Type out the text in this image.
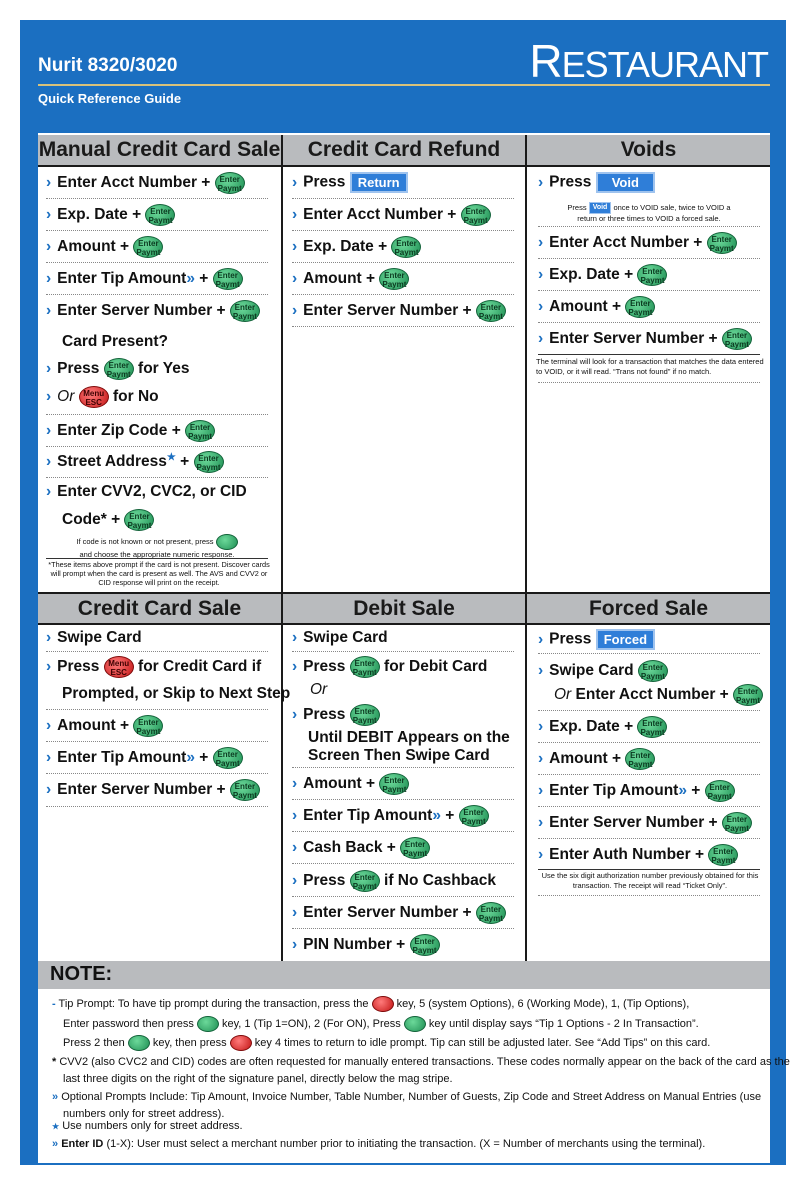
Nurit 8320/3020
Quick Reference Guide
RESTAURANT
Manual Credit Card Sale	Credit Card Refund	Voids
› Enter Acct Number + Enter
Paymt
› Exp. Date + Enter
Paymt
› Amount + Enter
Paymt
› Enter Tip Amount» + Enter
Paymt
› Enter Server Number + Enter
Paymt
Card Present?
› Press Enter
Paymt for Yes
› Or Menu
ESC for No
› Enter Zip Code + Enter
Paymt
› Street Address★ + Enter
Paymt
› Enter CVV2, CVC2, or CID
Code* + Enter
Paymt
If code is not known or not present, press
and choose the appropriate numeric response.
*These items above prompt if the card is not present. Discover cards will prompt when the card is present as well. The AVS and CVV2 or CID response will print on the receipt.
› Press Return
› Enter Acct Number + Enter
Paymt
› Exp. Date + Enter
Paymt
› Amount + Enter
Paymt
› Enter Server Number + Enter
Paymt
› Press Void
Press Void once to VOID sale, twice to VOID a
return or three times to VOID a forced sale.
› Enter Acct Number + Enter
Paymt
› Exp. Date + Enter
Paymt
› Amount + Enter
Paymt
› Enter Server Number + Enter
Paymt
The terminal will look for a transaction that matches the data entered to VOID, or it will read. “Trans not found” if no match.
Credit Card Sale	Debit Sale	Forced Sale
› Swipe Card
› Press Menu
ESC for Credit Card if
Prompted, or Skip to Next Step
› Amount + Enter
Paymt
› Enter Tip Amount» + Enter
Paymt
› Enter Server Number + Enter
Paymt
› Swipe Card
› Press Enter
Paymt for Debit Card
Or
› Press Enter
Paymt
Until DEBIT Appears on the
Screen Then Swipe Card
› Amount + Enter
Paymt
› Enter Tip Amount» + Enter
Paymt
› Cash Back + Enter
Paymt
› Press Enter
Paymt if No Cashback
› Enter Server Number + Enter
Paymt
› PIN Number + Enter
Paymt
› Press Forced
› Swipe Card Enter
Paymt
Or Enter Acct Number + Enter
Paymt
› Exp. Date + Enter
Paymt
› Amount + Enter
Paymt
› Enter Tip Amount» + Enter
Paymt
› Enter Server Number + Enter
Paymt
› Enter Auth Number + Enter
Paymt
Use the six digit authorization number previously obtained for this transaction. The receipt will read “Ticket Only”.
NOTE:
- Tip Prompt: To have tip prompt during the transaction, press the	key, 5 (system Options), 6 (Working Mode), 1, (Tip Options),
Enter password then press	key, 1 (Tip 1=ON), 2 (For ON), Press	key until display says “Tip 1 Options - 2 In Transaction”.
Press 2 then	key, then press	key 4 times to return to idle prompt. Tip can still be adjusted later. See “Add Tips” on this card.
* CVV2 (also CVC2 and CID) codes are often requested for manually entered transactions. These codes normally appear on the back of the card as the last three digits on the right of the signature panel, directly below the mag stripe.
» Optional Prompts Include: Tip Amount, Invoice Number, Table Number, Number of Guests, Zip Code and Street Address on Manual Entries (use numbers only for street address).
★ Use numbers only for street address.
» Enter ID (1-X): User must select a merchant number prior to initiating the transaction. (X = Number of merchants using the terminal).
